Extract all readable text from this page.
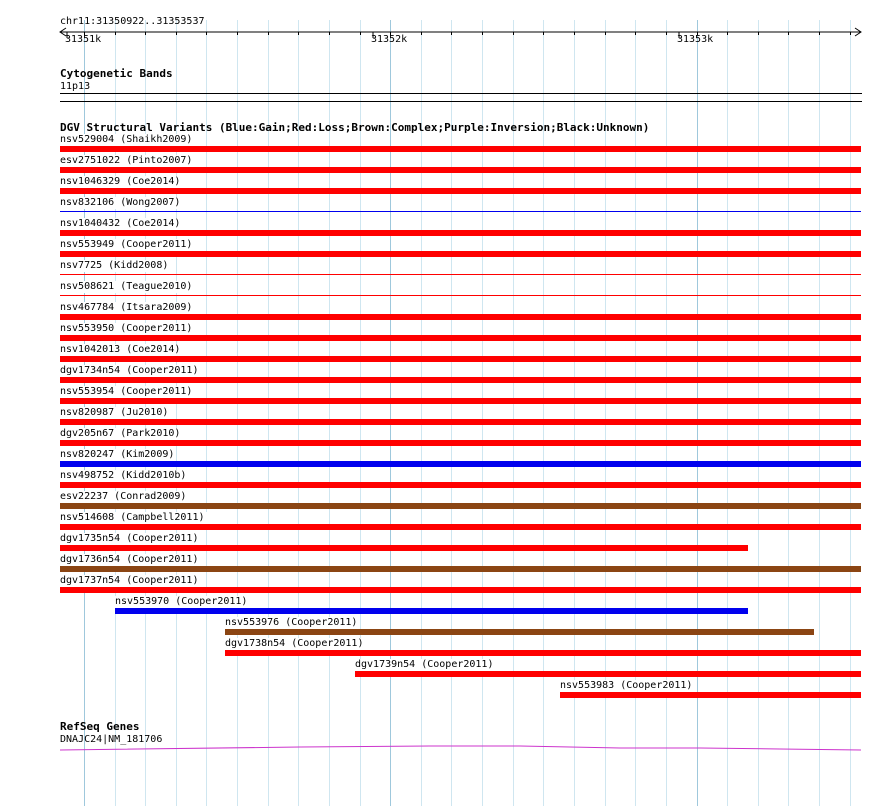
chr11:31350922..31353537
31351k	31352k	31353k
Cytogenetic Bands
11p13
DGV Structural Variants (Blue:Gain;Red:Loss;Brown:Complex;Purple:Inversion;Black:Unknown)
nsv529004 (Shaikh2009)
esv2751022 (Pinto2007)
nsv1046329 (Coe2014)
nsv832106 (Wong2007)
nsv1040432 (Coe2014)
nsv553949 (Cooper2011)
nsv7725 (Kidd2008)
nsv508621 (Teague2010)
nsv467784 (Itsara2009)
nsv553950 (Cooper2011)
nsv1042013 (Coe2014)
dgv1734n54 (Cooper2011)
nsv553954 (Cooper2011)
nsv820987 (Ju2010)
dgv205n67 (Park2010)
nsv820247 (Kim2009)
nsv498752 (Kidd2010b)
esv22237 (Conrad2009)
nsv514608 (Campbell2011)
dgv1735n54 (Cooper2011)
dgv1736n54 (Cooper2011)
dgv1737n54 (Cooper2011)
nsv553970 (Cooper2011)
nsv553976 (Cooper2011)
dgv1738n54 (Cooper2011)
dgv1739n54 (Cooper2011)
nsv553983 (Cooper2011)
RefSeq Genes
DNAJC24|NM_181706
